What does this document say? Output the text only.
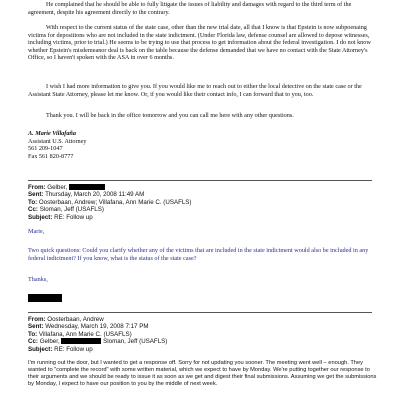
He complained that he should be able to fully litigate the issues of liability and damages with regard to the third term of the agreement, despite his agreement directly to the contrary.

With respect to the current status of the state case, other than the new trial date, all that I know is that Epstein is now subpoenaing victims for depositions who are not included in the state indictment. (Under Florida law, defense counsel are allowed to depose witnesses, including victims, prior to trial.) He seems to be trying to use that process to get information about the federal investigation. I do not know whether Epstein's misdemeanor deal is back on the table because the defense demanded that we have no contact with the State Attorney's Office, so I haven't spoken with the ASA in over 6 months.

I wish I had more information to give you. If you would like me to reach out to either the local detective on the state case or the Assistant State Attorney, please let me know. Or, if you would like their contact info, I can forward that to you, too.

Thank you. I will be back in the office tomorrow and you can call me here with any other questions.

A. Marie Villafaña
Assistant U.S. Attorney
561 209-1047
Fax 561 820-8777
From: Gelber,
Sent: Thursday, March 20, 2008 11:49 AM
To: Oosterbaan, Andrew; Villafana, Ann Marie C. (USAFLS)
Cc: Sloman, Jeff (USAFLS)
Subject: RE: Follow up

Marie,

Two quick questions: Could you clarify whether any of the victims that are included in the state indictment would also be included in any federal indictment? If you know, what is the status of the state case?

Thanks,

From: Oosterbaan, Andrew
Sent: Wednesday, March 19, 2008 7:17 PM
To: Villafana, Ann Marie C. (USAFLS)
Cc: Gelber,	Sloman, Jeff (USAFLS)
Subject: RE: Follow up

I'm running out the door, but I wanted to get a response off. Sorry for not updating you sooner. The meeting went well – enough. They wanted to "complete the record" with some written material, which we expect to have by Monday. We're putting together our response to their arguments and we should be ready to issue it as soon as we get and digest their final submissions. Assuming we get the submissions by Monday, I expect to have our position to you by the middle of next week.
